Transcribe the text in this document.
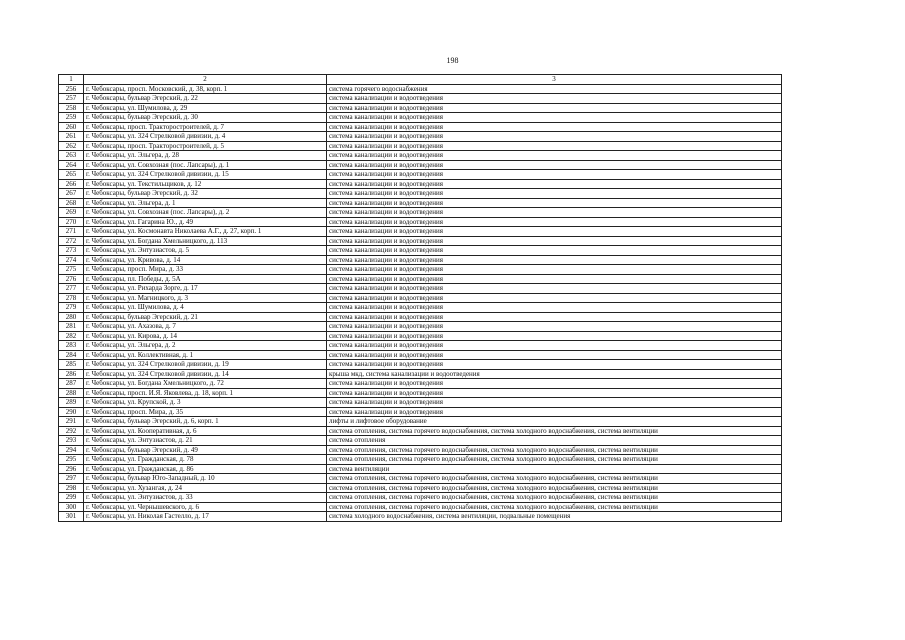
198
1	2	3
256	г. Чебоксары, просп. Московский, д. 38, корп. 1	система горячего водоснабжения
257	г. Чебоксары, бульвар Эгерский, д. 22	система канализации и водоотведения
258	г. Чебоксары, ул. Шумилова, д. 29	система канализации и водоотведения
259	г. Чебоксары, бульвар Эгерский, д. 30	система канализации и водоотведения
260	г. Чебоксары, просп. Тракторостроителей, д. 7	система канализации и водоотведения
261	г. Чебоксары, ул. 324 Стрелковой дивизии, д. 4	система канализации и водоотведения
262	г. Чебоксары, просп. Тракторостроителей, д. 5	система канализации и водоотведения
263	г. Чебоксары, ул. Эльгера, д. 28	система канализации и водоотведения
264	г. Чебоксары, ул. Совхозная (пос. Лапсары), д. 1	система канализации и водоотведения
265	г. Чебоксары, ул. 324 Стрелковой дивизии, д. 15	система канализации и водоотведения
266	г. Чебоксары, ул. Текстильщиков, д. 12	система канализации и водоотведения
267	г. Чебоксары, бульвар Эгерский, д. 32	система канализации и водоотведения
268	г. Чебоксары, ул. Эльгера, д. 1	система канализации и водоотведения
269	г. Чебоксары, ул. Совхозная (пос. Лапсары), д. 2	система канализации и водоотведения
270	г. Чебоксары, ул. Гагарина Ю., д. 49	система канализации и водоотведения
271	г. Чебоксары, ул. Космонавта Николаева А.Г., д. 27, корп. 1	система канализации и водоотведения
272	г. Чебоксары, ул. Богдана Хмельницкого, д. 113	система канализации и водоотведения
273	г. Чебоксары, ул. Энтузиастов, д. 5	система канализации и водоотведения
274	г. Чебоксары, ул. Кривова, д. 14	система канализации и водоотведения
275	г. Чебоксары, просп. Мира, д. 33	система канализации и водоотведения
276	г. Чебоксары, пл. Победы, д. 5А	система канализации и водоотведения
277	г. Чебоксары, ул. Рихарда Зорге, д. 17	система канализации и водоотведения
278	г. Чебоксары, ул. Магницкого, д. 3	система канализации и водоотведения
279	г. Чебоксары, ул. Шумилова, д. 4	система канализации и водоотведения
280	г. Чебоксары, бульвар Эгерский, д. 21	система канализации и водоотведения
281	г. Чебоксары, ул. Ахазова, д. 7	система канализации и водоотведения
282	г. Чебоксары, ул. Кирова, д. 14	система канализации и водоотведения
283	г. Чебоксары, ул. Эльгера, д. 2	система канализации и водоотведения
284	г. Чебоксары, ул. Коллективная, д. 1	система канализации и водоотведения
285	г. Чебоксары, ул. 324 Стрелковой дивизии, д. 19	система канализации и водоотведения
286	г. Чебоксары, ул. 324 Стрелковой дивизии, д. 14	крыша мкд, система канализации и водоотведения
287	г. Чебоксары, ул. Богдана Хмельницкого, д. 72	система канализации и водоотведения
288	г. Чебоксары, просп. И.Я. Яковлева, д. 18, корп. 1	система канализации и водоотведения
289	г. Чебоксары, ул. Крупской, д. 3	система канализации и водоотведения
290	г. Чебоксары, просп. Мира, д. 35	система канализации и водоотведения
291	г. Чебоксары, бульвар Эгерский, д. 6, корп. 1	лифты и лифтовое оборудование
292	г. Чебоксары, ул. Кооперативная, д. 6	система отопления, система горячего водоснабжения, система холодного водоснабжения, система вентиляции
293	г. Чебоксары, ул. Энтузиастов, д. 21	система отопления
294	г. Чебоксары, бульвар Эгерский, д. 49	система отопления, система горячего водоснабжения, система холодного водоснабжения, система вентиляции
295	г. Чебоксары, ул. Гражданская, д. 78	система отопления, система горячего водоснабжения, система холодного водоснабжения, система вентиляции
296	г. Чебоксары, ул. Гражданская, д. 86	система вентиляции
297	г. Чебоксары, бульвар Юго-Западный, д. 10	система отопления, система горячего водоснабжения, система холодного водоснабжения, система вентиляции
298	г. Чебоксары, ул. Хузангая, д. 24	система отопления, система горячего водоснабжения, система холодного водоснабжения, система вентиляции
299	г. Чебоксары, ул. Энтузиастов, д. 33	система отопления, система горячего водоснабжения, система холодного водоснабжения, система вентиляции
300	г. Чебоксары, ул. Чернышевского, д. 6	система отопления, система горячего водоснабжения, система холодного водоснабжения, система вентиляции
301	г. Чебоксары, ул. Николая Гастелло, д. 17	система холодного водоснабжения, система вентиляции, подвальные помещения
